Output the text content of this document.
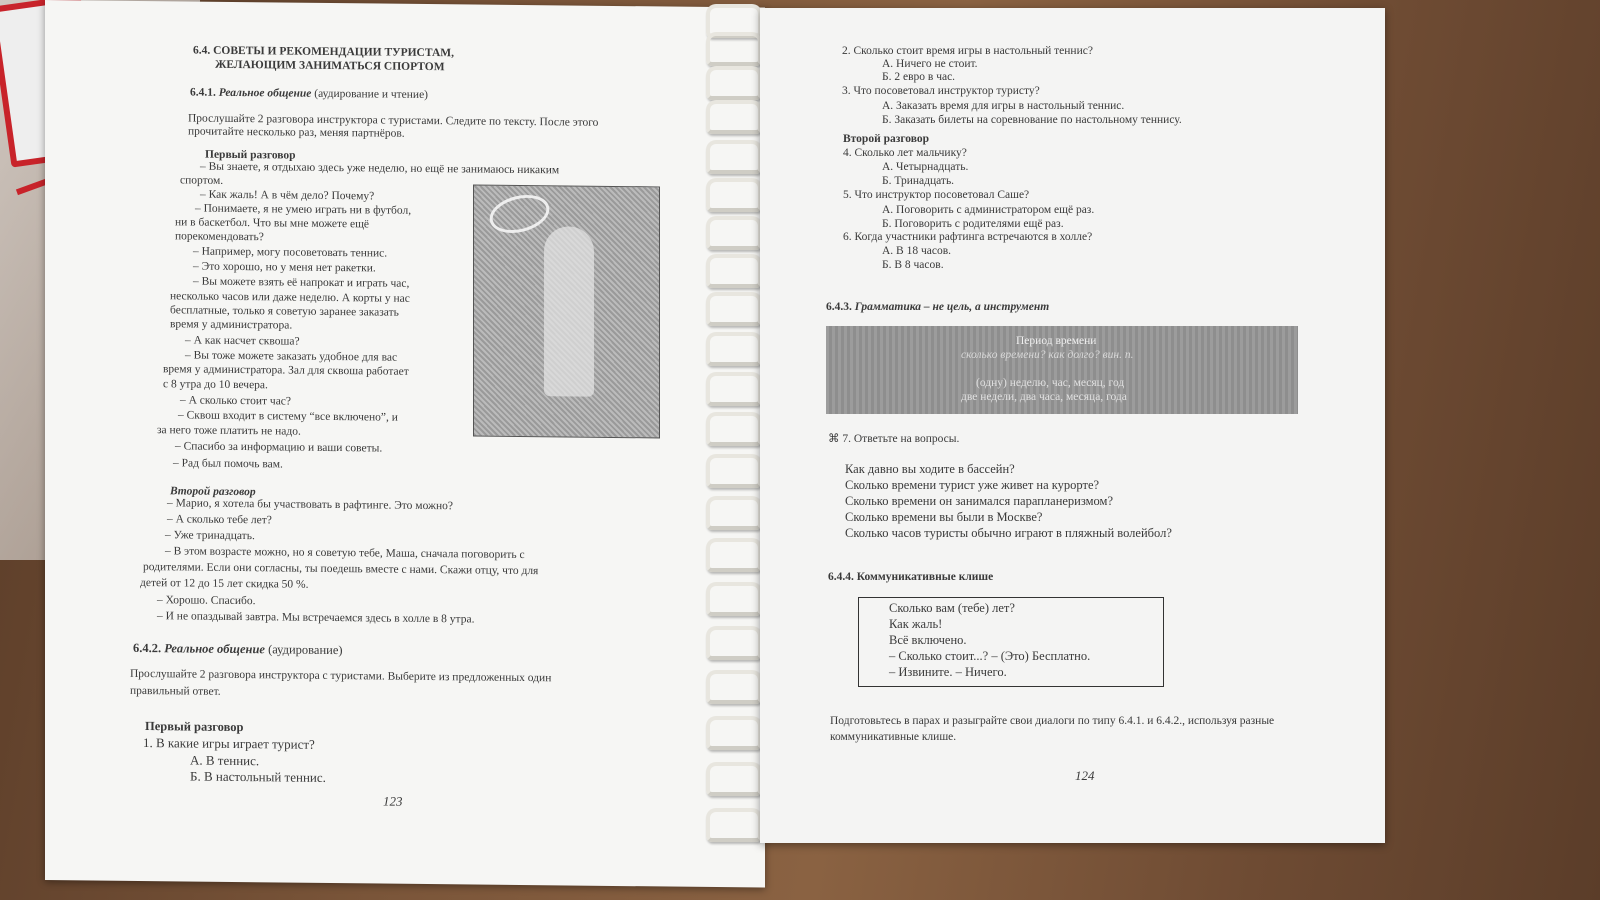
6.4. СОВЕТЫ И РЕКОМЕНДАЦИИ ТУРИСТАМ,
ЖЕЛАЮЩИМ ЗАНИМАТЬСЯ СПОРТОМ
6.4.1. Реальное общение (аудирование и чтение)
Прослушайте 2 разговора инструктора с туристами. Следите по тексту. После этого
прочитайте несколько раз, меняя партнёров.
Первый разговор
– Вы знаете, я отдыхаю здесь уже неделю, но ещё не занимаюсь никаким
спортом.
– Как жаль! А в чём дело? Почему?
– Понимаете, я не умею играть ни в футбол,
ни в баскетбол. Что вы мне можете ещё
порекомендовать?
– Например, могу посоветовать теннис.
– Это хорошо, но у меня нет ракетки.
– Вы можете взять её напрокат и играть час,
несколько часов или даже неделю. А корты у нас
бесплатные, только я советую заранее заказать
время у администратора.
– А как насчет сквоша?
– Вы тоже можете заказать удобное для вас
время у администратора. Зал для сквоша работает
с 8 утра до 10 вечера.
– А сколько стоит час?
– Сквош входит в систему “все включено”, и
за него тоже платить не надо.
– Спасибо за информацию и ваши советы.
– Рад был помочь вам.
Второй разговор
– Марио, я хотела бы участвовать в рафтинге. Это можно?
– А сколько тебе лет?
– Уже тринадцать.
– В этом возрасте можно, но я советую тебе, Маша, сначала поговорить с
родителями. Если они согласны, ты поедешь вместе с нами. Скажи отцу, что для
детей от 12 до 15 лет скидка 50 %.
– Хорошо. Спасибо.
– И не опаздывай завтра. Мы встречаемся здесь в холле в 8 утра.
6.4.2. Реальное общение (аудирование)
Прослушайте 2 разговора инструктора с туристами. Выберите из предложенных один
правильный ответ.
Первый разговор
1. В какие игры играет турист?
А. В теннис.
Б. В настольный теннис.
123
2. Сколько стоит время игры в настольный теннис?
А. Ничего не стоит.
Б. 2 евро в час.
3. Что посоветовал инструктор туристу?
А. Заказать время для игры в настольный теннис.
Б. Заказать билеты на соревнование по настольному теннису.
Второй разговор
4. Сколько лет мальчику?
А. Четырнадцать.
Б. Тринадцать.
5. Что инструктор посоветовал Саше?
А. Поговорить с администратором ещё раз.
Б. Поговорить с родителями ещё раз.
6. Когда участники рафтинга встречаются в холле?
А. В 18 часов.
Б. В 8 часов.
6.4.3. Грамматика – не цель, а инструмент
⌘ 7. Ответьте на вопросы.
Как давно вы ходите в бассейн?
Сколько времени турист уже живет на курорте?
Сколько времени он занимался парапланеризмом?
Сколько времени вы были в Москве?
Сколько часов туристы обычно играют в пляжный волейбол?
6.4.4. Коммуникативные клише
Подготовьтесь в парах и разыграйте свои диалоги по типу 6.4.1. и 6.4.2., используя разные
коммуникативные клише.
124
Период времени
сколько времени? как долго? вин. п.
(одну) неделю, час, месяц, год
две недели, два часа, месяца, года
Сколько вам (тебе) лет?
Как жаль!
Всё включено.
– Сколько стоит...? – (Это) Бесплатно.
– Извините. – Ничего.
